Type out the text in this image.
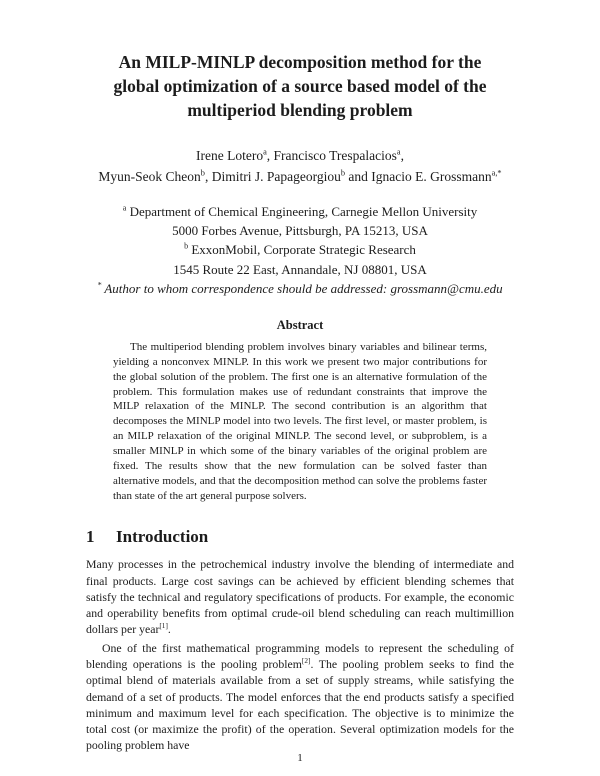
An MILP-MINLP decomposition method for the
global optimization of a source based model of the
multiperiod blending problem
Irene Lotero$^a$, Francisco Trespalacios$^a$,
Myun-Seok Cheon$^b$, Dimitri J. Papageorgiou$^b$ and Ignacio E. Grossmann$^{a,*}$
$^a$ Department of Chemical Engineering, Carnegie Mellon University
5000 Forbes Avenue, Pittsburgh, PA 15213, USA
$^b$ ExxonMobil, Corporate Strategic Research
1545 Route 22 East, Annandale, NJ 08801, USA
* Author to whom correspondence should be addressed: grossmann@cmu.edu
Abstract

The multiperiod blending problem involves binary variables and bilinear terms, yielding a nonconvex MINLP. In this work we present two major contributions for the global solution of the problem. The first one is an alternative formulation of the problem. This formulation makes use of redundant constraints that improve the MILP relaxation of the MINLP. The second contribution is an algorithm that decomposes the MINLP model into two levels. The first level, or master problem, is an MILP relaxation of the original MINLP. The second level, or subproblem, is a smaller MINLP in which some of the binary variables of the original problem are fixed. The results show that the new formulation can be solved faster than alternative models, and that the decomposition method can solve the problems faster than state of the art general purpose solvers.

1 Introduction

Many processes in the petrochemical industry involve the blending of intermediate and final products. Large cost savings can be achieved by efficient blending schemes that satisfy the technical and regulatory specifications of products. For example, the economic and operability benefits from optimal crude-oil blend scheduling can reach multimillion dollars per year[1].

One of the first mathematical programming models to represent the scheduling of blending operations is the pooling problem[2]. The pooling problem seeks to find the optimal blend of materials available from a set of supply streams, while satisfying the demand of a set of products. The model enforces that the end products satisfy a specified minimum and maximum level for each specification. The objective is to minimize the total cost (or maximize the profit) of the operation. Several optimization models for the pooling problem have

1
